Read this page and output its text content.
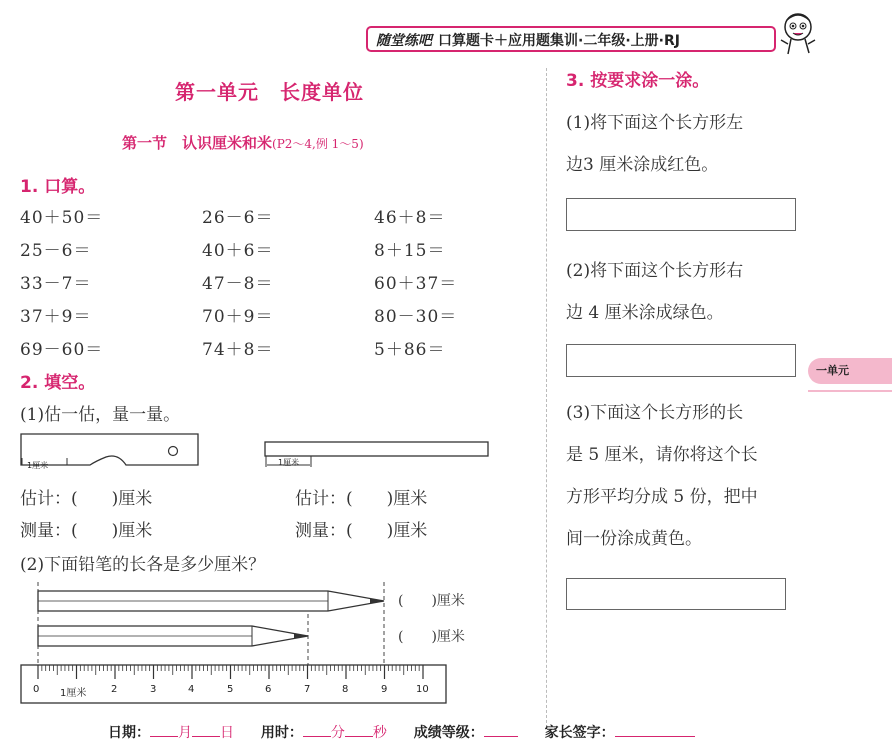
随堂练吧 口算题卡＋应用题集训·二年级·上册·RJ
第一单元　长度单位
第一节　认识厘米和米(P2～4,例 1～5)
1. 口算。
40＋50＝	26－6＝	46＋8＝
25－6＝	40＋6＝	8＋15＝
33－7＝	47－8＝	60＋37＝
37＋9＝	70＋9＝	80－30＝
69－60＝	74＋8＝	5＋86＝
2. 填空。
(1)估一估，量一量。
1厘米	1厘米
估计：(　　)厘米
测量：(　　)厘米
估计：(　　)厘米
测量：(　　)厘米
(2)下面铅笔的长各是多少厘米？
(　　)厘米
(　　)厘米
0 1厘米 2	3	4	5	6	7	8	9	10
3. 按要求涂一涂。
(1)将下面这个长方形左
边3 厘米涂成红色。
(2)将下面这个长方形右
边 4 厘米涂成绿色。
(3)下面这个长方形的长
是 5 厘米，请你将这个长
方形平均分成 5 份，把中
间一份涂成黄色。
一单元
日期： 月 日 用时： 分 秒 成绩等级：	家长签字：
